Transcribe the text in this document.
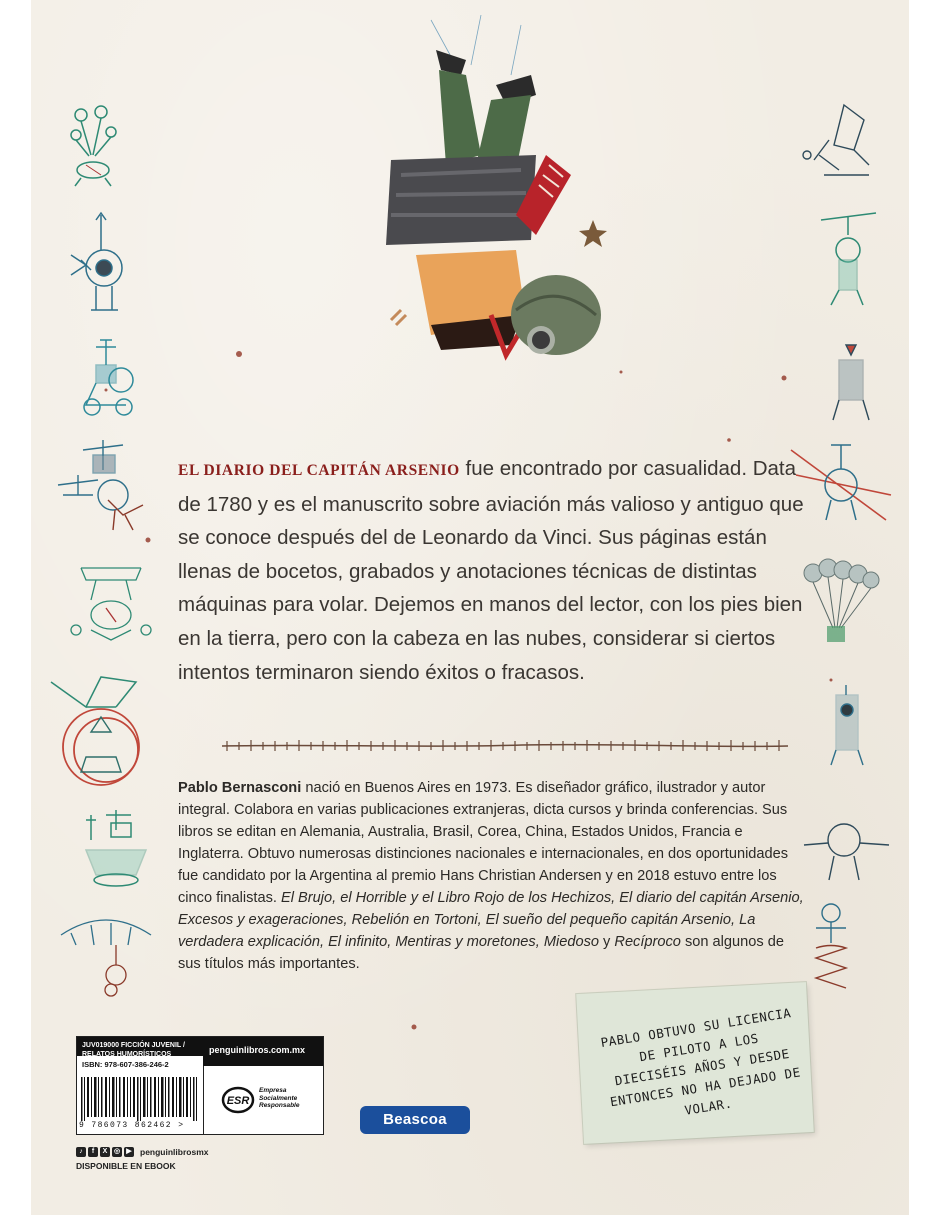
EL DIARIO DEL CAPITÁN ARSENIO fue encontrado por casualidad. Data de 1780 y es el manuscrito sobre aviación más valioso y antiguo que se conoce después del de Leonardo da Vinci. Sus páginas están llenas de bocetos, grabados y anotaciones técnicas de distintas máquinas para volar. Dejemos en manos del lector, con los pies bien en la tierra, pero con la cabeza en las nubes, considerar si ciertos intentos terminaron siendo éxitos o fracasos.

Pablo Bernasconi nació en Buenos Aires en 1973. Es diseñador gráfico, ilustrador y autor integral. Colabora en varias publicaciones extranjeras, dicta cursos y brinda conferencias. Sus libros se editan en Alemania, Australia, Brasil, Corea, China, Estados Unidos, Francia e Inglaterra. Obtuvo numerosas distinciones nacionales e internacionales, en dos oportunidades fue candidato por la Argentina al premio Hans Christian Andersen y en 2018 estuvo entre los cinco finalistas. El Brujo, el Horrible y el Libro Rojo de los Hechizos, El diario del capitán Arsenio, Excesos y exageraciones, Rebelión en Tortoni, El sueño del pequeño capitán Arsenio, La verdadera explicación, El infinito, Mentiras y moretones, Miedoso y Recíproco son algunos de sus títulos más importantes.

PABLO OBTUVO SU LICENCIA DE PILOTO A LOS DIECISÉIS AÑOS Y DESDE ENTONCES NO HA DEJADO DE VOLAR.

JUV019000 FICCIÓN JUVENIL / RELATOS HUMORÍSTICOS
ISBN: 978-607-386-246-2
9 786073 862462 >
penguinlibros.com.mx
ESR
Empresa Socialmente Responsable
Beascoa
♪	f	X ◎ ▶ penguinlibrosmx
DISPONIBLE EN EBOOK
